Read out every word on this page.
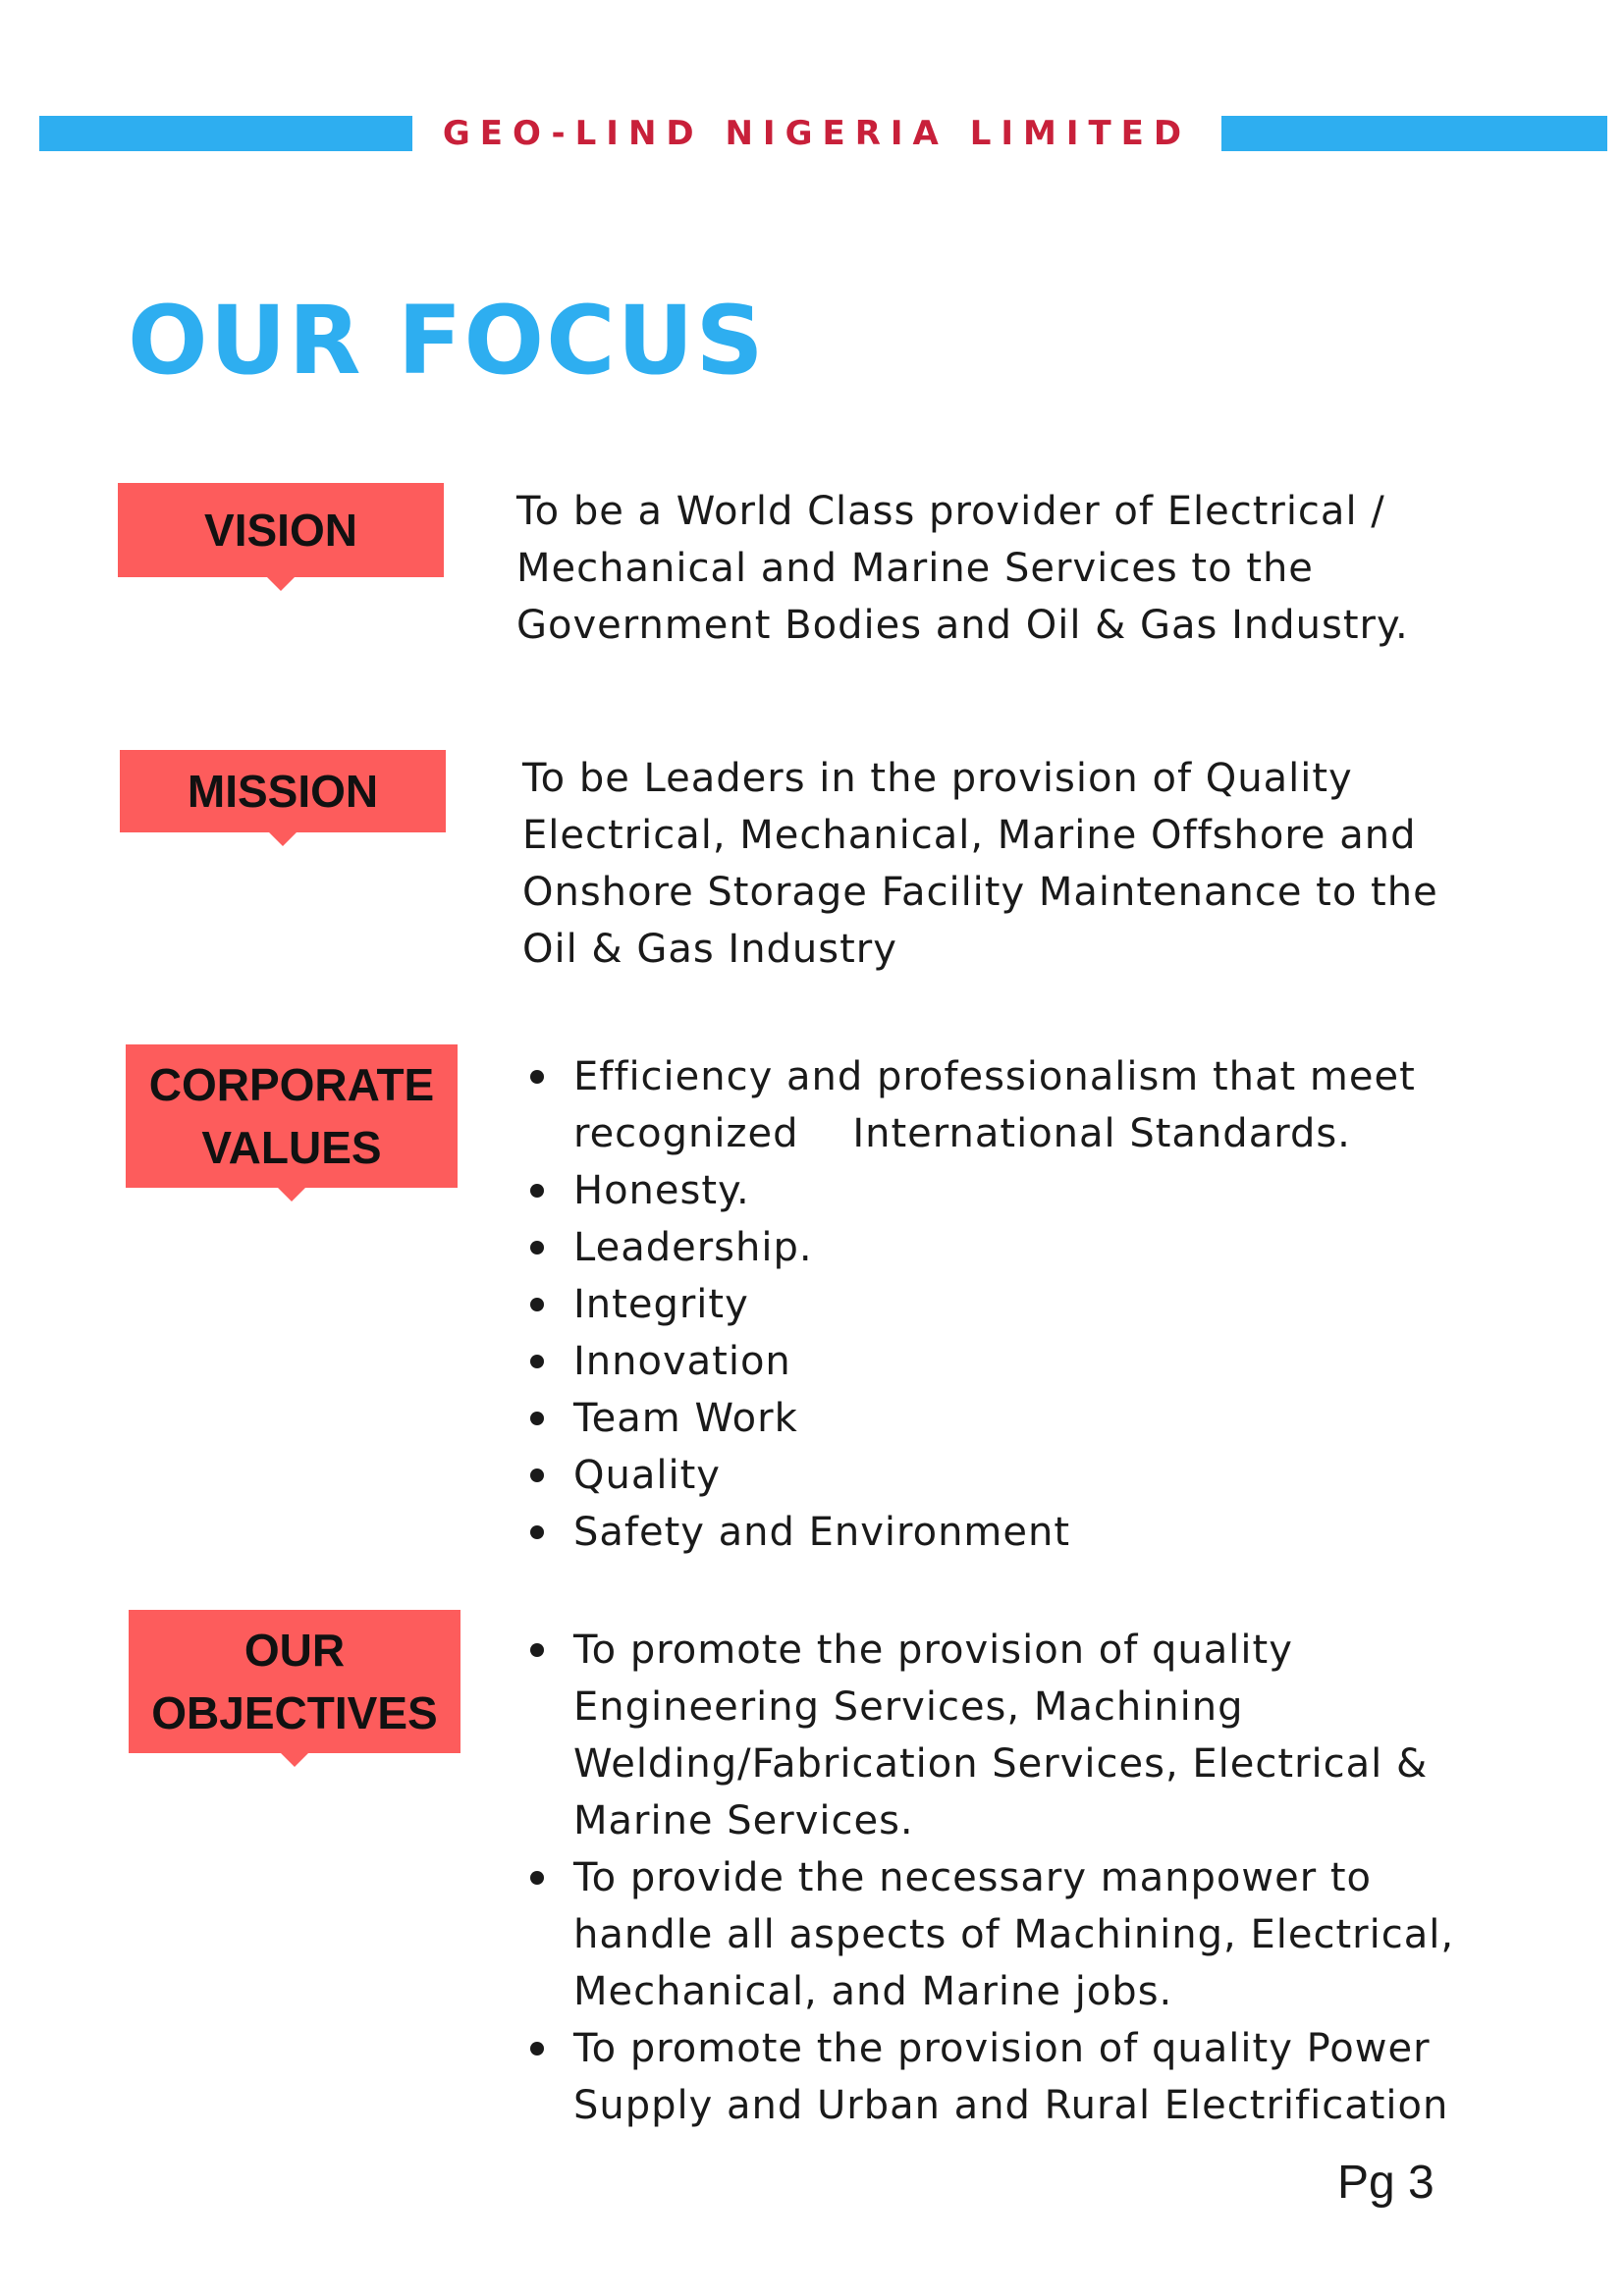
GEO-LIND NIGERIA LIMITED
OUR FOCUS
VISION	To be a World Class provider of Electrical /
Mechanical and Marine Services to the
Government Bodies and Oil & Gas Industry.

MISSION	To be Leaders in the provision of Quality
Electrical, Mechanical, Marine Offshore and
Onshore Storage Facility Maintenance to the
Oil & Gas Industry

CORPORATE
VALUES
Efficiency and professionalism that meet
recognized    International Standards.
Honesty.
Leadership.
Integrity
Innovation
Team Work
Quality
Safety and Environment
OUR
OBJECTIVES
To promote the provision of quality
Engineering Services, Machining
Welding/Fabrication Services, Electrical &
Marine Services.
To provide the necessary manpower to
handle all aspects of Machining, Electrical,
Mechanical, and Marine jobs.
To promote the provision of quality Power
Supply and Urban and Rural Electrification
Pg 3
